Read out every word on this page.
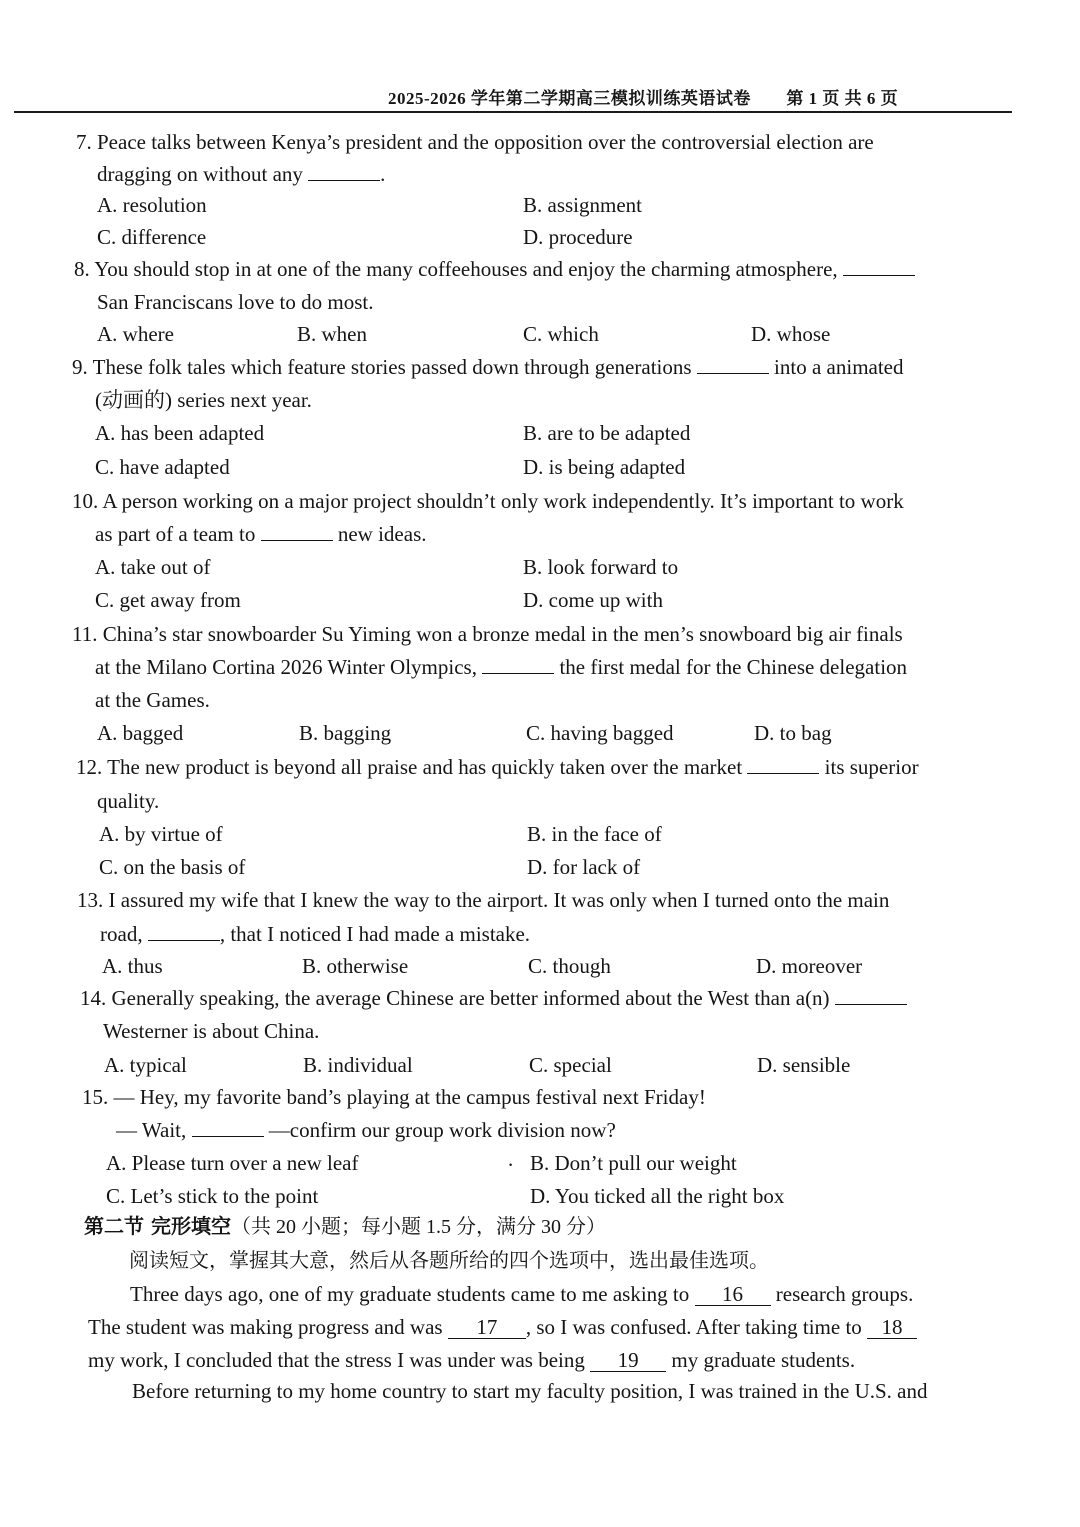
2025-2026 学年第二学期高三模拟训练英语试卷 第 1 页 共 6 页
7. Peace talks between Kenya’s president and the opposition over the controversial election are
dragging on without any	.
A. resolution	B. assignment
C. difference	D. procedure
8. You should stop in at one of the many coffeehouses and enjoy the charming atmosphere,
San Franciscans love to do most.
A. where	B. when	C. which	D. whose
9. These folk tales which feature stories passed down through generations	into a animated
(动画的) series next year.
A. has been adapted	B. are to be adapted
C. have adapted	D. is being adapted
10. A person working on a major project shouldn’t only work independently. It’s important to work
as part of a team to	new ideas.
A. take out of	B. look forward to
C. get away from	D. come up with
11. China’s star snowboarder Su Yiming won a bronze medal in the men’s snowboard big air finals
at the Milano Cortina 2026 Winter Olympics,	the first medal for the Chinese delegation
at the Games.
A. bagged	B. bagging	C. having bagged	D. to bag
12. The new product is beyond all praise and has quickly taken over the market	its superior
quality.
A. by virtue of	B. in the face of
C. on the basis of	D. for lack of
13. I assured my wife that I knew the way to the airport. It was only when I turned onto the main
road,	, that I noticed I had made a mistake.
A. thus	B. otherwise	C. though	D. moreover
14. Generally speaking, the average Chinese are better informed about the West than a(n)
Westerner is about China.
A. typical	B. individual	C. special	D. sensible
15. — Hey, my favorite band’s playing at the campus festival next Friday!
— Wait,	—confirm our group work division now?
A. Please turn over a new leaf	. B. Don’t pull our weight
C. Let’s stick to the point	D. You ticked all the right box
第二节 完形填空（共 20 小题；每小题 1.5 分，满分 30 分）
阅读短文，掌握其大意，然后从各题所给的四个选项中，选出最佳选项。
Three days ago, one of my graduate students came to me asking to 16 research groups.
The student was making progress and was 17 , so I was confused. After taking time to 18
my work, I concluded that the stress I was under was being 19 my graduate students.
Before returning to my home country to start my faculty position, I was trained in the U.S. and
